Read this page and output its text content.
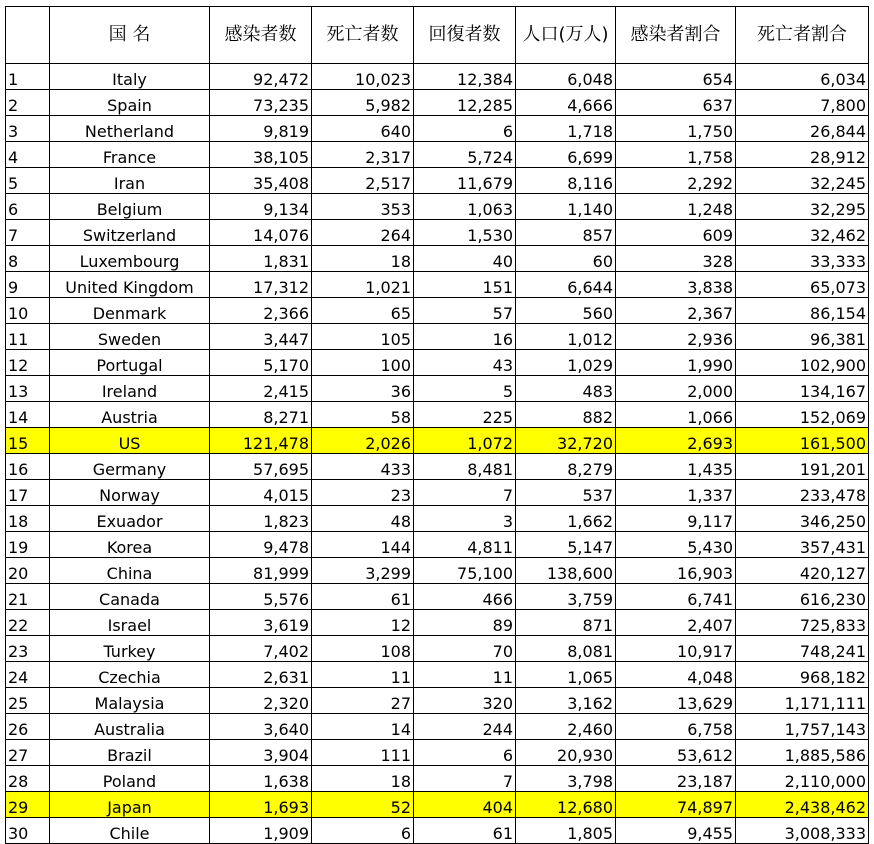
	国 名	感染者数	死亡者数	回復者数	人口(万人)	感染者割合	死亡者割合
1	Italy	92,472	10,023	12,384	6,048	654	6,034
2	Spain	73,235	5,982	12,285	4,666	637	7,800
3	Netherland	9,819	640	6	1,718	1,750	26,844
4	France	38,105	2,317	5,724	6,699	1,758	28,912
5	Iran	35,408	2,517	11,679	8,116	2,292	32,245
6	Belgium	9,134	353	1,063	1,140	1,248	32,295
7	Switzerland	14,076	264	1,530	857	609	32,462
8	Luxembourg	1,831	18	40	60	328	33,333
9	United Kingdom	17,312	1,021	151	6,644	3,838	65,073
10	Denmark	2,366	65	57	560	2,367	86,154
11	Sweden	3,447	105	16	1,012	2,936	96,381
12	Portugal	5,170	100	43	1,029	1,990	102,900
13	Ireland	2,415	36	5	483	2,000	134,167
14	Austria	8,271	58	225	882	1,066	152,069
15	US	121,478	2,026	1,072	32,720	2,693	161,500
16	Germany	57,695	433	8,481	8,279	1,435	191,201
17	Norway	4,015	23	7	537	1,337	233,478
18	Exuador	1,823	48	3	1,662	9,117	346,250
19	Korea	9,478	144	4,811	5,147	5,430	357,431
20	China	81,999	3,299	75,100	138,600	16,903	420,127
21	Canada	5,576	61	466	3,759	6,741	616,230
22	Israel	3,619	12	89	871	2,407	725,833
23	Turkey	7,402	108	70	8,081	10,917	748,241
24	Czechia	2,631	11	11	1,065	4,048	968,182
25	Malaysia	2,320	27	320	3,162	13,629	1,171,111
26	Australia	3,640	14	244	2,460	6,758	1,757,143
27	Brazil	3,904	111	6	20,930	53,612	1,885,586
28	Poland	1,638	18	7	3,798	23,187	2,110,000
29	Japan	1,693	52	404	12,680	74,897	2,438,462
30	Chile	1,909	6	61	1,805	9,455	3,008,333
